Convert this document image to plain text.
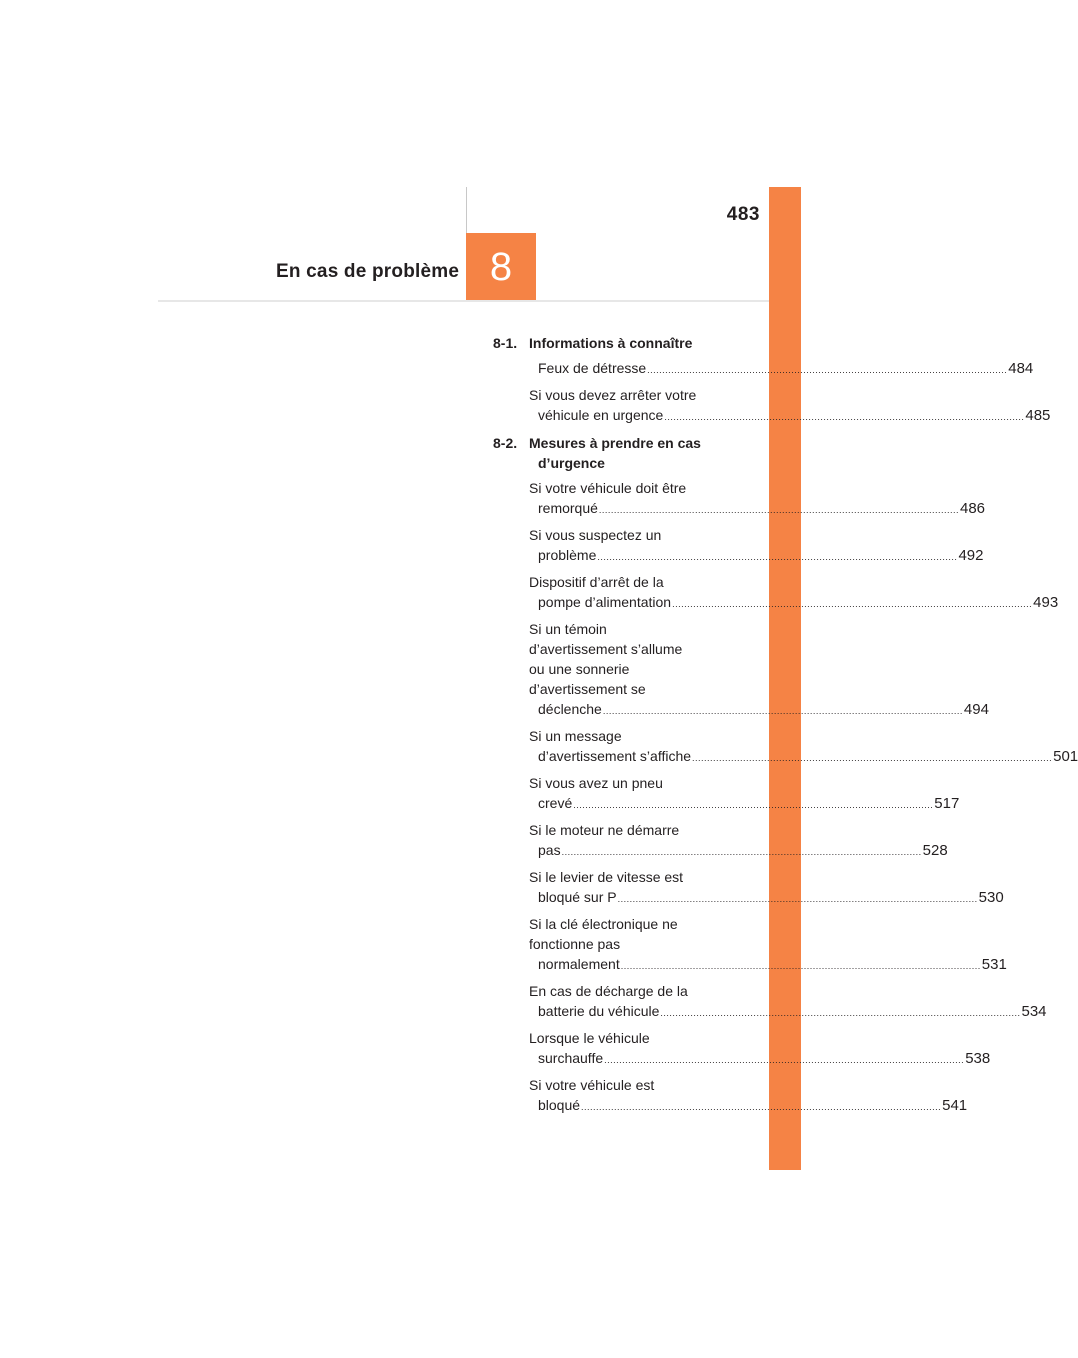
483
En cas de problème 8
8-1. Informations à connaître
Feux de détresse ........................................................................................................................ 484
Si vous devez arrêter votre
véhicule en urgence ........................................................................................................................ 485
8-2. Mesures à prendre en cas d’urgence
Si votre véhicule doit être
remorqué ........................................................................................................................ 486
Si vous suspectez un
problème ........................................................................................................................ 492
Dispositif d’arrêt de la
pompe d’alimentation ........................................................................................................................ 493
Si un témoin
d’avertissement s’allume
ou une sonnerie
d’avertissement se
déclenche ........................................................................................................................ 494
Si un message
d’avertissement s’affiche ........................................................................................................................ 501
Si vous avez un pneu
crevé ........................................................................................................................ 517
Si le moteur ne démarre
pas ........................................................................................................................ 528
Si le levier de vitesse est
bloqué sur P ........................................................................................................................ 530
Si la clé électronique ne
fonctionne pas
normalement ........................................................................................................................ 531
En cas de décharge de la
batterie du véhicule ........................................................................................................................ 534
Lorsque le véhicule
surchauffe ........................................................................................................................ 538
Si votre véhicule est
bloqué ........................................................................................................................ 541
